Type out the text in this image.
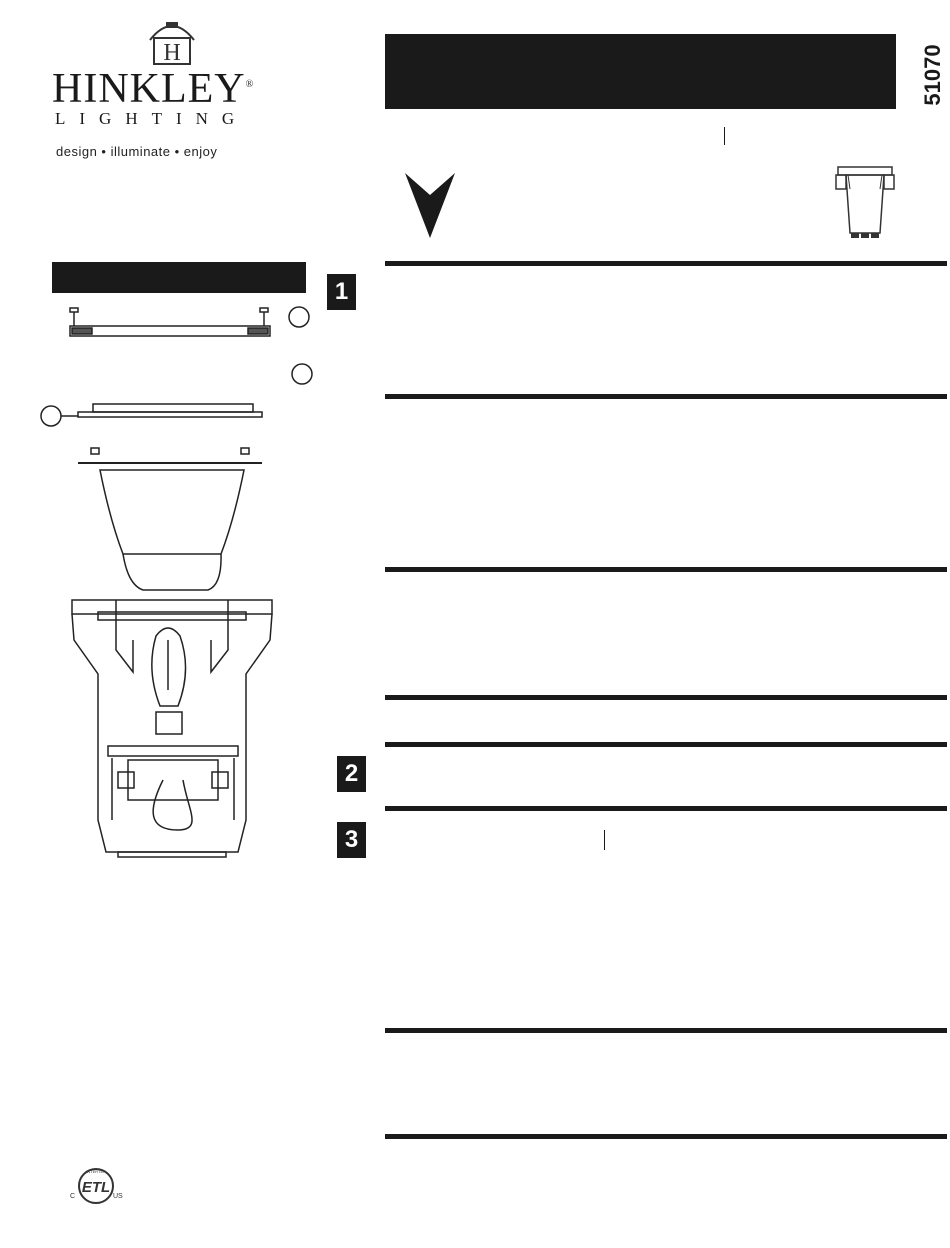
H
HINKLEY®
LIGHTING
design • illuminate • enjoy
51070
1
2
3
ETL
C	US
INTERTEK
